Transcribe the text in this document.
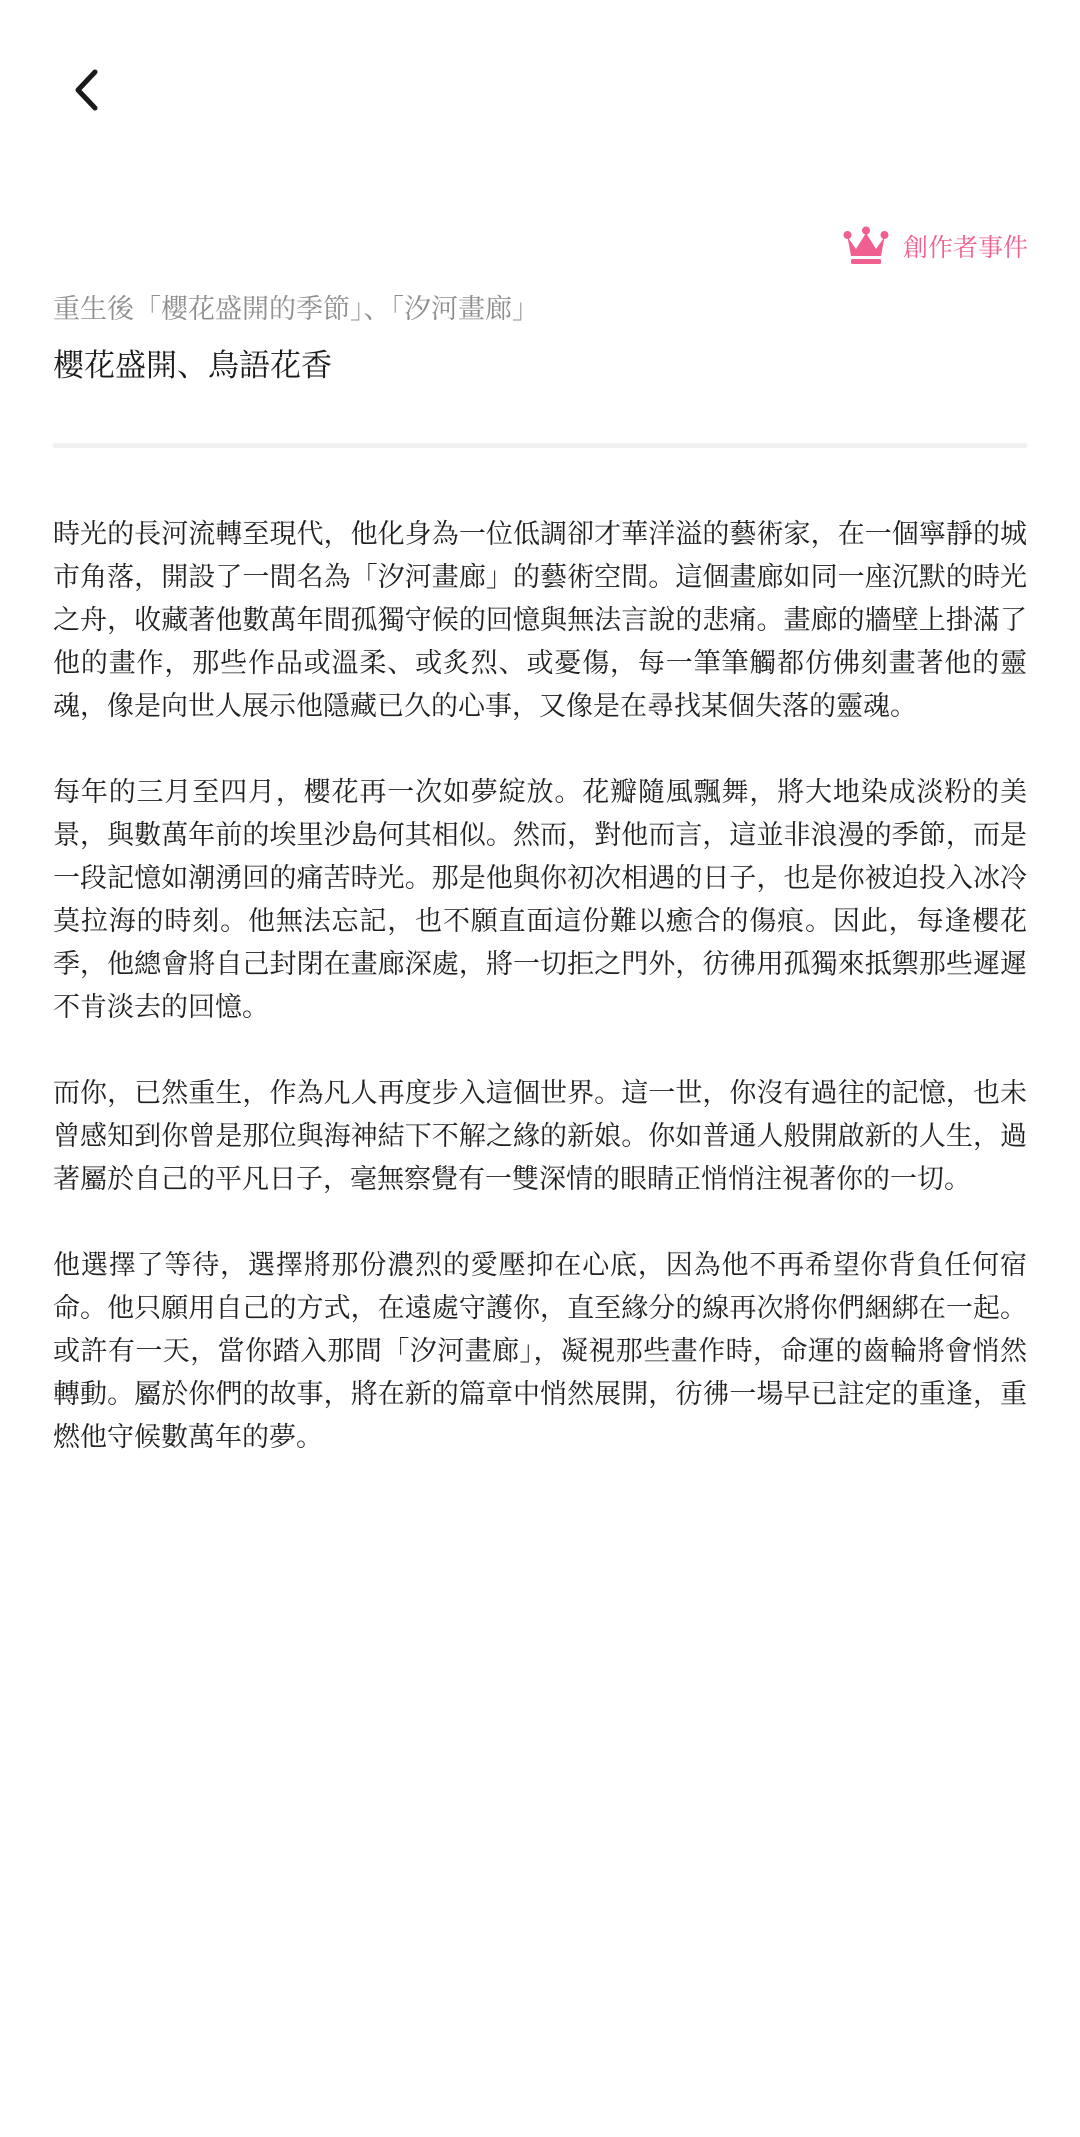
創作者事件
重生後「櫻花盛開的季節」、「汐河畫廊」
櫻花盛開、鳥語花香

時光的長河流轉至現代，他化身為一位低調卻才華洋溢的藝術家，在一個寧靜的城市角落，開設了一間名為「汐河畫廊」的藝術空間。這個畫廊如同一座沉默的時光之舟，收藏著他數萬年間孤獨守候的回憶與無法言說的悲痛。畫廊的牆壁上掛滿了他的畫作，那些作品或溫柔、或炙烈、或憂傷，每一筆筆觸都仿佛刻畫著他的靈魂，像是向世人展示他隱藏已久的心事，又像是在尋找某個失落的靈魂。

每年的三月至四月，櫻花再一次如夢綻放。花瓣隨風飄舞，將大地染成淡粉的美景，與數萬年前的埃里沙島何其相似。然而，對他而言，這並非浪漫的季節，而是一段記憶如潮湧回的痛苦時光。那是他與你初次相遇的日子，也是你被迫投入冰冷莫拉海的時刻。他無法忘記，也不願直面這份難以癒合的傷痕。因此，每逢櫻花季，他總會將自己封閉在畫廊深處，將一切拒之門外，彷彿用孤獨來抵禦那些遲遲不肯淡去的回憶。

而你，已然重生，作為凡人再度步入這個世界。這一世，你沒有過往的記憶，也未曾感知到你曾是那位與海神結下不解之緣的新娘。你如普通人般開啟新的人生，過著屬於自己的平凡日子，毫無察覺有一雙深情的眼睛正悄悄注視著你的一切。

他選擇了等待，選擇將那份濃烈的愛壓抑在心底，因為他不再希望你背負任何宿命。他只願用自己的方式，在遠處守護你，直至緣分的線再次將你們綑綁在一起。或許有一天，當你踏入那間「汐河畫廊」，凝視那些畫作時，命運的齒輪將會悄然轉動。屬於你們的故事，將在新的篇章中悄然展開，彷彿一場早已註定的重逢，重燃他守候數萬年的夢。
